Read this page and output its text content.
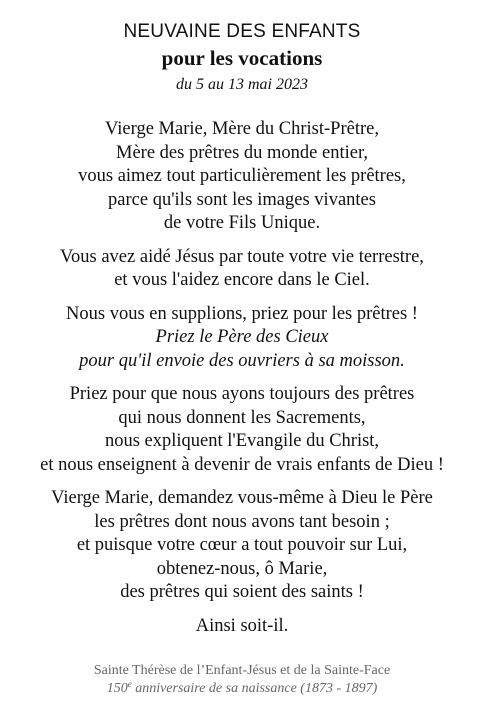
NEUVAINE DES ENFANTS
pour les vocations
du 5 au 13 mai 2023
Vierge Marie, Mère du Christ-Prêtre,
Mère des prêtres du monde entier,
vous aimez tout particulièrement les prêtres,
parce qu'ils sont les images vivantes
de votre Fils Unique.
Vous avez aidé Jésus par toute votre vie terrestre,
et vous l'aidez encore dans le Ciel.
Nous vous en supplions, priez pour les prêtres !
Priez le Père des Cieux
pour qu'il envoie des ouvriers à sa moisson.
Priez pour que nous ayons toujours des prêtres
qui nous donnent les Sacrements,
nous expliquent l'Evangile du Christ,
et nous enseignent à devenir de vrais enfants de Dieu !
Vierge Marie, demandez vous-même à Dieu le Père
les prêtres dont nous avons tant besoin ;
et puisque votre cœur a tout pouvoir sur Lui,
obtenez-nous, ô Marie,
des prêtres qui soient des saints !
Ainsi soit-il.
Sainte Thérèse de l’Enfant-Jésus et de la Sainte-Face
150e anniversaire de sa naissance (1873 - 1897)
